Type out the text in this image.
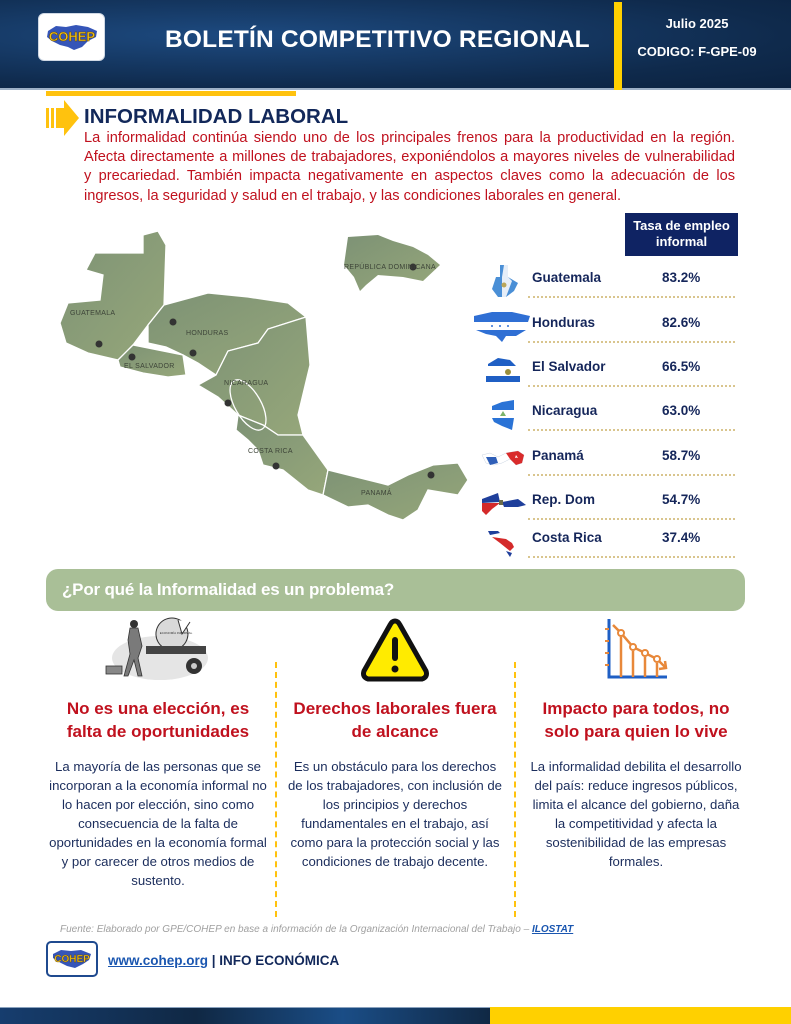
COHEP	BOLETÍN COMPETITIVO REGIONAL
Julio 2025
CODIGO: F-GPE-09
INFORMALIDAD LABORAL
La informalidad continúa siendo uno de los principales frenos para la productividad en la región. Afecta directamente a millones de trabajadores, exponiéndolos a mayores niveles de vulnerabilidad y precariedad. También impacta negativamente en aspectos claves como la adecuación de los ingresos, la seguridad y salud en el trabajo, y las condiciones laborales en general.
GUATEMALA
HONDURAS
EL SALVADOR
NICARAGUA
COSTA RICA
PANAMÁ
REPÚBLICA DOMINICANA
Tasa de empleo informal
Guatemala	83.2%
Honduras	82.6%
El Salvador	66.5%
Nicaragua	63.0%
Panamá	58.7%
Rep. Dom	54.7%
Costa Rica	37.4%
¿Por qué la Informalidad es un problema?
ECONOMÍA INFORMAL
No es una elección, es falta de oportunidades
La mayoría de las personas que se incorporan a la economía informal no lo hacen por elección, sino como consecuencia de la falta de oportunidades en la economía formal y por carecer de otros medios de sustento.
Derechos laborales fuera de alcance
Es un obstáculo para los derechos de los trabajadores, con inclusión de los principios y derechos fundamentales en el trabajo, así como para la protección social y las condiciones de trabajo decente.
Impacto para todos, no solo para quien lo vive
La informalidad debilita el desarrollo del país: reduce ingresos públicos, limita el alcance del gobierno, daña la competitividad y afecta la sostenibilidad de las empresas formales.
Fuente: Elaborado por GPE/COHEP en base a información de la Organización Internacional del Trabajo – ILOSTAT
COHEP www.cohep.org | INFO ECONÓMICA
